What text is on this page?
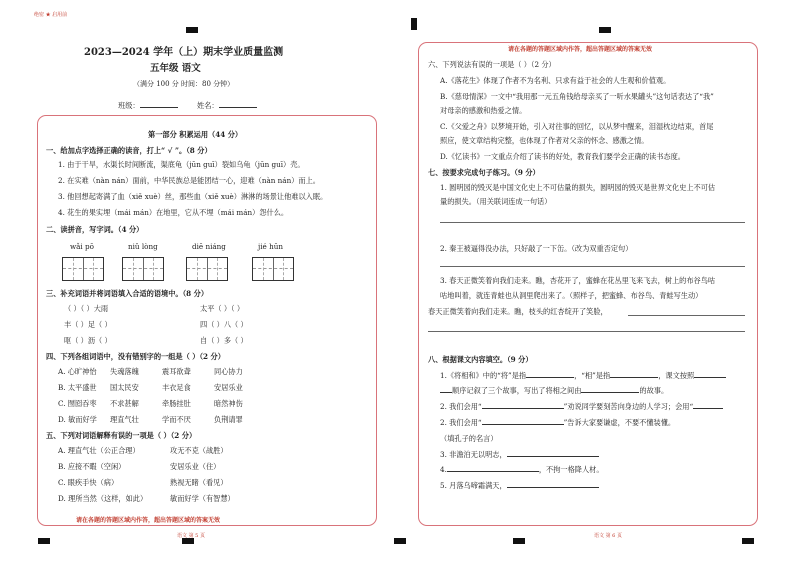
绝密 ★ 启用前
2023—2024 学年（上）期末学业质量监测
五年级 语文
（满分 100 分 时间：80 分钟）
班级：	姓名：
请在各题的答题区域内作答，超出答题区域的答案无效
语文 第 5 页
第一部分 积累运用（44 分）
一、给加点字选择正确的读音，打上“ √ ”。（8 分）
1. 由于干旱，水渠长时间断流，渠底龟（jūn guī）裂如乌龟（jūn guī）壳。
2. 在实难（nàn nán）面前，中华民族总是能团结一心，迎难（nàn nán）而上。
3. 他回想起寄满了血（xiě xuè）丝，那些血（xiě xuè）淋淋的场景让他难以入眠。
4. 花生的果实埋（mái mán）在地里，它从不埋（mái mán）怨什么。
二、读拼音，写字词。（4 分）
wǎi pō	niǔ lòng	diē niáng	jié hūn
三、补充词语并将词语填入合适的语境中。（8 分）
（ ）（ ）大雨	太平（ ）（ ）
丰（ ）足（ ）	四（ ）八（ ）
呕（ ）沥（ ）	自（ ）多（ ）
四、下列各组词语中，没有错别字的一组是（ ）（2 分）
A. 心旷神怡 失魂落魄	震耳欲聋	同心协力
B. 太平盛世 国太民安	丰衣足食	安居乐业
C. 囫囵吞枣 不求甚解	牵肠挂肚	暗然神伤
D. 敏而好学 理直气壮	学而不厌	负荆请罪
五、下列对词语解释有误的一项是（ ）（2 分）
A. 理直气壮（公正合理）	攻无不克（战胜）
B. 应接不暇（空闲）	安居乐业（住）
C. 眼疾手快（病）	熟视无睹（看见）
D. 理所当然（这样，如此）	敏而好学（有智慧）
请在各题的答题区域内作答，超出答题区域的答案无效
语文 第 6 页
六、下列说法有误的一项是（ ）（2 分）
A.《落花生》体现了作者不为名利、只求有益于社会的人生观和价值观。
B.《慈母情深》一文中“我用那一元五角钱给母亲买了一听水果罐头”这句话表达了“我”
对母亲的感激和热爱之情。
C.《父爱之舟》以梦境开始，引入对往事的回忆，以从梦中醒来，泪湿枕边结束，首尾
照应，使文章结构完整，也体现了作者对父亲的怀念、感激之情。
D.《忆读书》一文重点介绍了读书的好处，教育我们要学会正确的读书态度。
七、按要求完成句子练习。（9 分）
1. 圆明园的毁灭是中国文化史上不可估量的损失，圆明园的毁灭是世界文化史上不可估
量的损失。（用关联词连成一句话）
2. 秦王被逼得没办法，只好敲了一下缶。（改为双重否定句）
3. 春天正微笑着向我们走来。瞧，杏花开了，蜜蜂在花丛里飞来飞去，树上的布谷鸟咕
咕地叫着，就连青蛙也从洞里爬出来了。（照样子，把蜜蜂、布谷鸟、青蛙写生动）
春天正微笑着向我们走来。瞧，枝头的红杏绽开了笑脸，
八、根据课文内容填空。（9 分）
1.《将相和》中的“将”是指	，“相”是指	，课文按照
顺序记叙了三个故事，写出了将相之间由	的故事。
2. 我们会用“	”劝说同学要刻苦向身边的人学习；会用“
2. 我们会用“	”告诉大家要谦虚，不要不懂装懂。
（填孔子的名言）
3. 非澹泊无以明志，
4.	，不拘一格降人材。
5. 月落乌啼霜满天，
